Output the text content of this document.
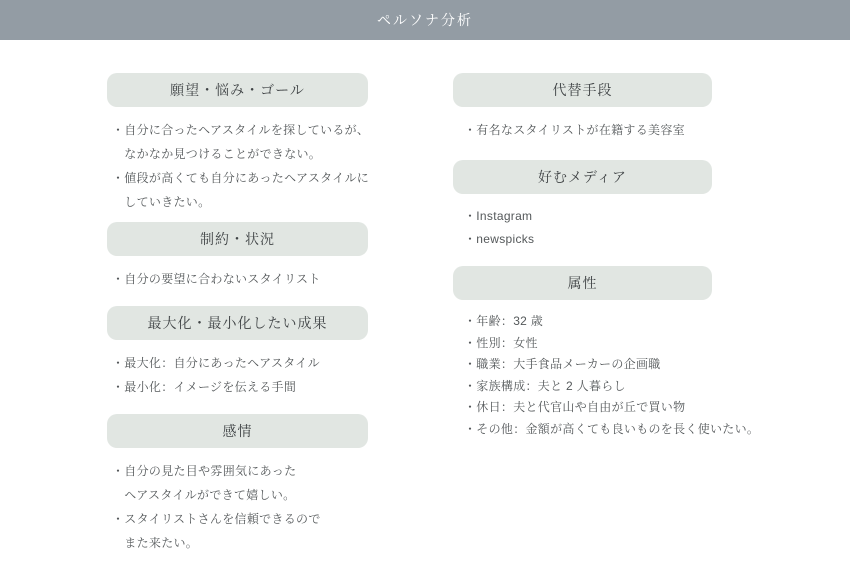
ペルソナ分析
願望・悩み・ゴール
・自分に合ったヘアスタイルを探しているが、
　なかなか見つけることができない。
・値段が高くても自分にあったヘアスタイルに
　していきたい。
制約・状況
・自分の要望に合わないスタイリスト
最大化・最小化したい成果
・最大化：自分にあったヘアスタイル
・最小化：イメージを伝える手間
感情
・自分の見た目や雰囲気にあった
　ヘアスタイルができて嬉しい。
・スタイリストさんを信頼できるので
　また来たい。
代替手段
・有名なスタイリストが在籍する美容室
好むメディア
・Instagram
・newspicks
属性
・年齢：32 歳
・性別：女性
・職業：大手食品メーカーの企画職
・家族構成：夫と 2 人暮らし
・休日：夫と代官山や自由が丘で買い物
・その他：金額が高くても良いものを長く使いたい。
